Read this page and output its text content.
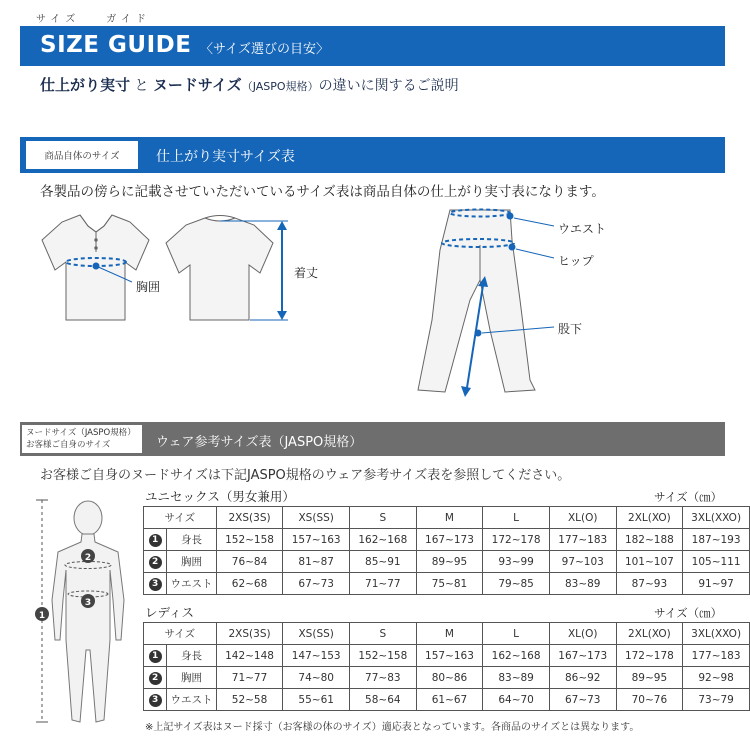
サイズ	ガイド
SIZE GUIDE 〈サイズ選びの目安〉
仕上がり実寸 と ヌードサイズ（JASPO規格）の違いに関するご説明
商品自体のサイズ	仕上がり実寸サイズ表
各製品の傍らに記載させていただいているサイズ表は商品自体の仕上がり実寸表になります。
胸囲
着丈
ウエスト
ヒップ
股下
ヌードサイズ（JASPO規格）
お客様ご自身のサイズ	ウェア参考サイズ表（JASPO規格）
お客様ご自身のヌードサイズは下記JASPO規格のウェア参考サイズ表を参照してください。
1
2
3
ユニセックス（男女兼用）	サイズ（㎝）
サイズ		2XS(3S)	XS(SS)	S	M	L	XL(O)	2XL(XO)	3XL(XXO)
1	身長	152~158	157~163	162~168	167~173	172~178	177~183	182~188	187~193
2	胸囲	76~84	81~87	85~91	89~95	93~99	97~103	101~107	105~111
3	ウエスト	62~68	67~73	71~77	75~81	79~85	83~89	87~93	91~97
レディス	サイズ（㎝）
サイズ		2XS(3S)	XS(SS)	S	M	L	XL(O)	2XL(XO)	3XL(XXO)
1	身長	142~148	147~153	152~158	157~163	162~168	167~173	172~178	177~183
2	胸囲	71~77	74~80	77~83	80~86	83~89	86~92	89~95	92~98
3	ウエスト	52~58	55~61	58~64	61~67	64~70	67~73	70~76	73~79
※上記サイズ表はヌード採寸（お客様の体のサイズ）適応表となっています。各商品のサイズとは異なります。
